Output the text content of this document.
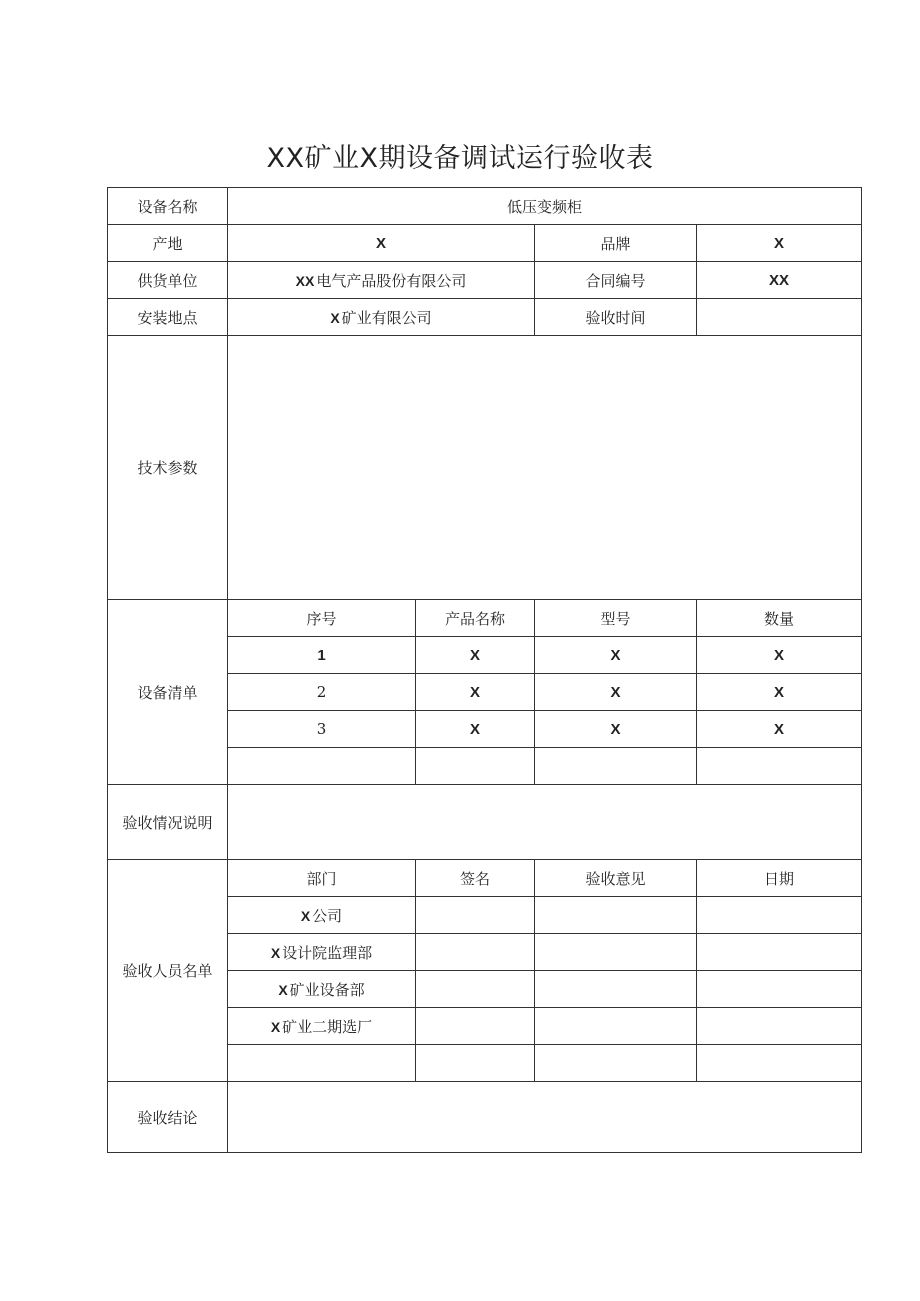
XX矿业X期设备调试运行验收表
设备名称	低压变频柜			
产地	X		品牌	X
供货单位	XX 电气产品股份有限公司		合同编号	XX
安装地点	X 矿业有限公司		验收时间	
技术参数				
设备清单	序号	产品名称	型号	数量
	1	X	X	X
	2	X	X	X
	3	X	X	X

验收情况说明				
验收人员名单	部门	签名	验收意见	日期
	X 公司			
	X 设计院监理部			
	X 矿业设备部			
	X 矿业二期选厂			

验收结论				
